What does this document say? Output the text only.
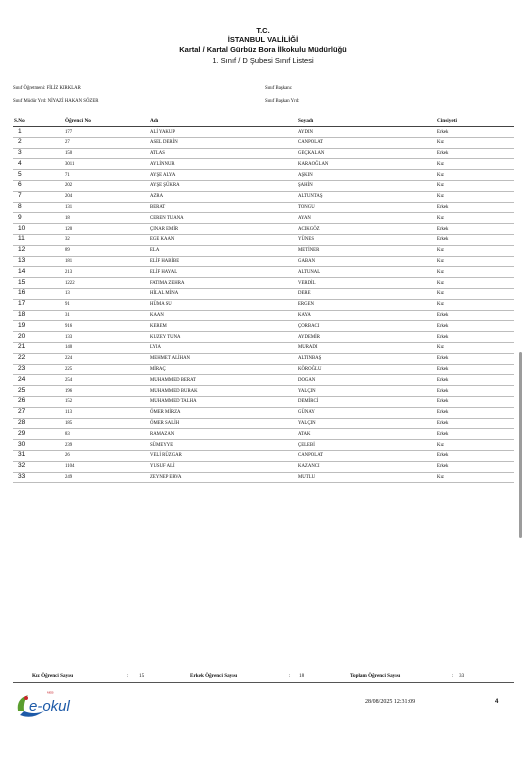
T.C.
İSTANBUL VALİLİĞİ
Kartal / Kartal Gürbüz Bora İlkokulu Müdürlüğü
1. Sınıf / D Şubesi Sınıf Listesi
Sınıf Öğretmeni: FİLİZ KIRKLAR	Sınıf Başkanı:
Sınıf Müdür Yrd: NİYAZİ HAKAN SÖZER	Sınıf Başkan Yrd:
S.No	Öğrenci No	Adı	Soyadı	Cinsiyeti
1	177	ALİ YAKUP	AYDIN	Erkek
2	27	ASEL DERİN	CANPOLAT	Kız
3	150	ATLAS	GEÇKALAN	Erkek
4	3011	AYLİNNUR	KARAOĞLAN	Kız
5	71	AYŞE ALYA	AŞKIN	Kız
6	202	AYŞE ŞÜKRA	ŞAHİN	Kız
7	204	AZRA	ALTUNTAŞ	Kız
8	131	BERAT	TONGU	Erkek
9	18	CEREN TUANA	AYAN	Kız
10	120	ÇINAR EMİR	ACIKGÖZ	Erkek
11	32	EGE KAAN	YÜNES	Erkek
12	89	ELA	METİNER	Kız
13	181	ELİF HABİBE	GABAN	Kız
14	213	ELİF HAYAL	ALTUNAL	Kız
15	1222	FATIMA ZEHRA	VERDİL	Kız
16	13	HİLAL MİNA	DERE	Kız
17	91	HÜMA SU	ERGEN	Kız
18	31	KAAN	KAYA	Erkek
19	916	KEREM	ÇORBACI	Erkek
20	133	KUZEY TUNA	AYDEMİR	Erkek
21	140	LYIA	MURADI	Kız
22	224	MEHMET ALİHAN	ALTINBAŞ	Erkek
23	225	MİRAÇ	KÖROĞLU	Erkek
24	254	MUHAMMED BERAT	DOGAN	Erkek
25	196	MUHAMMED BURAK	YALÇIN	Erkek
26	152	MUHAMMED TALHA	DEMİRCİ	Erkek
27	113	ÖMER MİRZA	GÜNAY	Erkek
28	185	ÖMER SALİH	YALÇIN	Erkek
29	83	RAMAZAN	ATAK	Erkek
30	239	SÜMEYYE	ÇELEBİ	Kız
31	26	VELİ RÜZGAR	CANPOLAT	Erkek
32	1104	YUSUF ALİ	KAZANCI	Erkek
33	249	ZEYNEP ERVA	MUTLU	Kız
Kız Öğrenci Sayısı	: 15	Erkek Öğrenci Sayısı	: 18	Toplam Öğrenci Sayısı	: 33
MEB
e-okul	28/08/2025 12:31:09	4
